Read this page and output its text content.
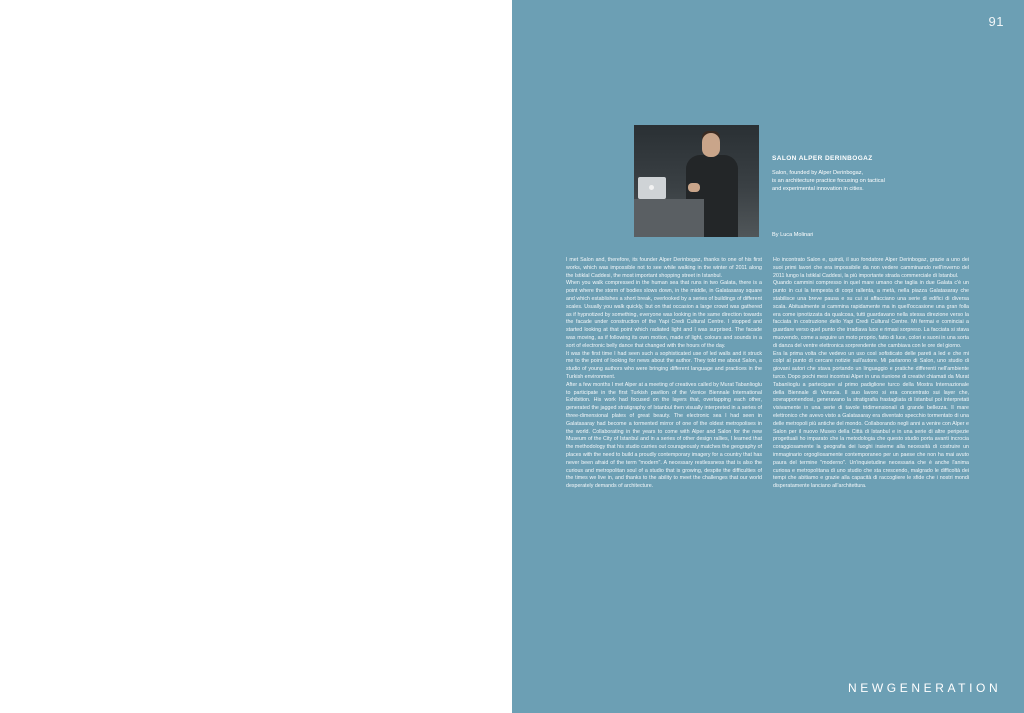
91
SALON ALPER DERINBOGAZ
Salon, founded by Alper Derinbogaz,
is an architecture practice focusing on tactical
and experimental innovation in cities.
By Luca Molinari

I met Salon and, therefore, its founder Alper Derinbogaz, thanks to one of his first works, which was impossible not to see while walking in the winter of 2011 along the Istiklal Caddesi, the most important shopping street in Istanbul.

When you walk compressed in the human sea that runs in two Galata, there is a point where the storm of bodies slows down, in the middle, in Galatasaray square and which establishes a short break, overlooked by a series of buildings of different scales. Usually you walk quickly, but on that occasion a large crowd was gathered as if hypnotized by something, everyone was looking in the same direction towards the facade under construction of the Yapi Credi Cultural Centre. I stopped and started looking at that point which radiated light and I was surprised. The facade was moving, as if following its own motion, made of light, colours and sounds in a sort of electronic belly dance that changed with the hours of the day.

It was the first time I had seen such a sophisticated use of led walls and it struck me to the point of looking for news about the author. They told me about Salon, a studio of young authors who were bringing different language and practices in the Turkish environment.

After a few months I met Alper at a meeting of creatives called by Murat Tabanlioglu to participate in the first Turkish pavilion of the Venice Biennale International Exhibition. His work had focused on the layers that, overlapping each other, generated the jagged stratigraphy of Istanbul then visually interpreted in a series of three-dimensional plates of great beauty. The electronic sea I had seen in Galatasaray had become a tormented mirror of one of the oldest metropolises in the world. Collaborating in the years to come with Alper and Salon for the new Museum of the City of Istanbul and in a series of other design rallies, I learned that the methodology that his studio carries out courageously matches the geography of places with the need to build a proudly contemporary imagery for a country that has never been afraid of the term "modern". A necessary restlessness that is also the curious and metropolitan soul of a studio that is growing, despite the difficulties of the times we live in, and thanks to the ability to meet the challenges that our world desperately demands of architecture.

Ho incontrato Salon e, quindi, il suo fondatore Alper Derinbogaz, grazie a uno dei suoi primi lavori che era impossibile da non vedere camminando nell'inverno del 2011 lungo la Istiklal Caddesi, la più importante strada commerciale di Istanbul.

Quando cammini compresso in quel mare umano che taglia in due Galata c'è un punto in cui la tempesta di corpi rallenta, a metà, nella piazza Galatasaray che stabilisce una breve pausa e su cui si affacciano una serie di edifici di diversa scala. Abitualmente si cammina rapidamente ma in quell'occasione una gran folla era come ipnotizzata da qualcosa, tutti guardavano nella stessa direzione verso la facciata in costruzione dello Yapi Credi Cultural Centre. Mi fermai e cominciai a guardare verso quel punto che irradiava luce e rimasi sorpreso. La facciata si stava muovendo, come a seguire un moto proprio, fatto di luce, colori e suoni in una sorta di danza del ventre elettronica sorprendente che cambiava con le ore del giorno.

Era la prima volta che vedevo un uso così sofisticato delle pareti a led e che mi colpì al punto di cercare notizie sull'autore. Mi parlarono di Salon, uno studio di giovani autori che stava portando un linguaggio e pratiche differenti nell'ambiente turco. Dopo pochi mesi incontrai Alper in una riunione di creativi chiamati da Murat Tabanlioglu a partecipare al primo padiglione turco della Mostra Internazionale della Biennale di Venezia. Il suo lavoro si era concentrato sui layer che, sovrapponendosi, generavano la stratigrafia frastagliata di Istanbul poi interpretati visivamente in una serie di tavole tridimensionali di grande bellezza. Il mare elettronico che avevo visto a Galatasaray era diventato specchio tormentato di una delle metropoli più antiche del mondo. Collaborando negli anni a venire con Alper e Salon per il nuovo Museo della Città di Istanbul e in una serie di altre peripezie progettuali ho imparato che la metodologia che questo studio porta avanti incrocia coraggiosamente la geografia dei luoghi insieme alla necessità di costruire un immaginario orgogliosamente contemporaneo per un paese che non ha mai avuto paura del termine "moderno". Un'inquietudine necessaria che è anche l'anima curiosa e metropolitana di uno studio che sta crescendo, malgrado le difficoltà dei tempi che abitiamo e grazie alla capacità di raccogliere le sfide che i nostri mondi disperatamente lanciano all'architettura.

NEWGENERATION
